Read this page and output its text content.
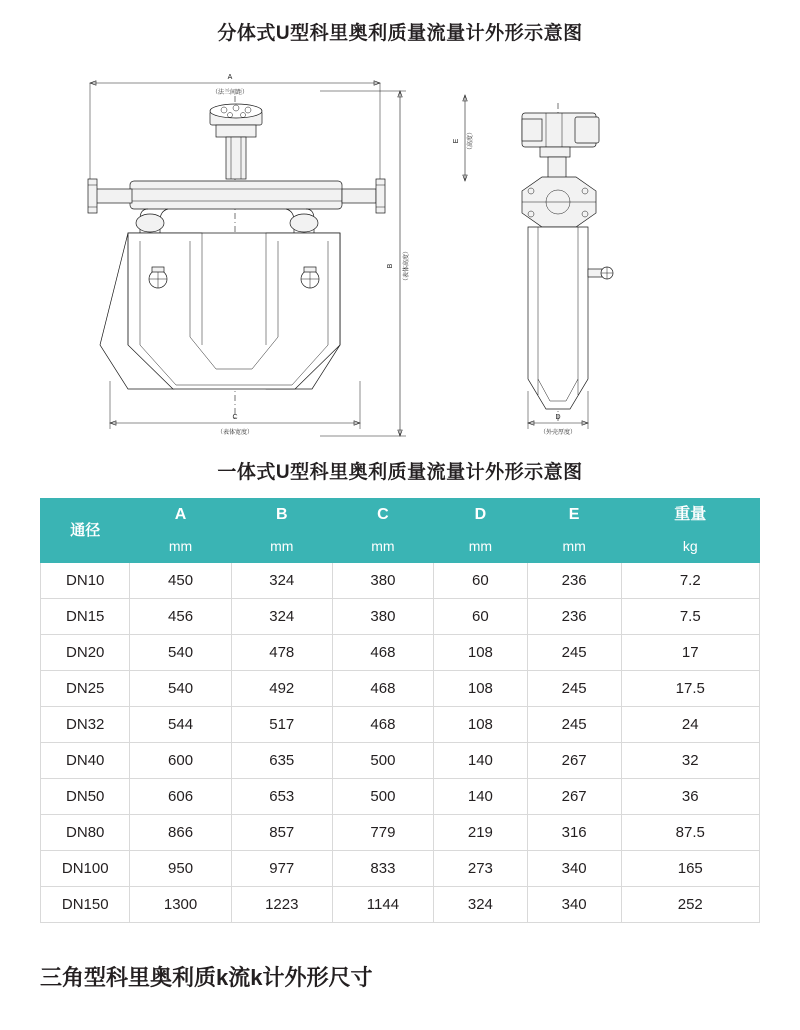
分体式U型科里奥利质量流量计外形示意图
A
（法兰间距）
B	（表体高度）
C
（表体宽度）
E	（高度）
D
（外壳厚度）
一体式U型科里奥利质量流量计外形示意图
通径	A	B	C	D	E	重量
	mm	mm	mm	mm	mm	kg
DN10	450	324	380	60	236	7.2
DN15	456	324	380	60	236	7.5
DN20	540	478	468	108	245	17
DN25	540	492	468	108	245	17.5
DN32	544	517	468	108	245	24
DN40	600	635	500	140	267	32
DN50	606	653	500	140	267	36
DN80	866	857	779	219	316	87.5
DN100	950	977	833	273	340	165
DN150	1300	1223	1144	324	340	252
三角型科里奥利质k流k计外形尺寸
